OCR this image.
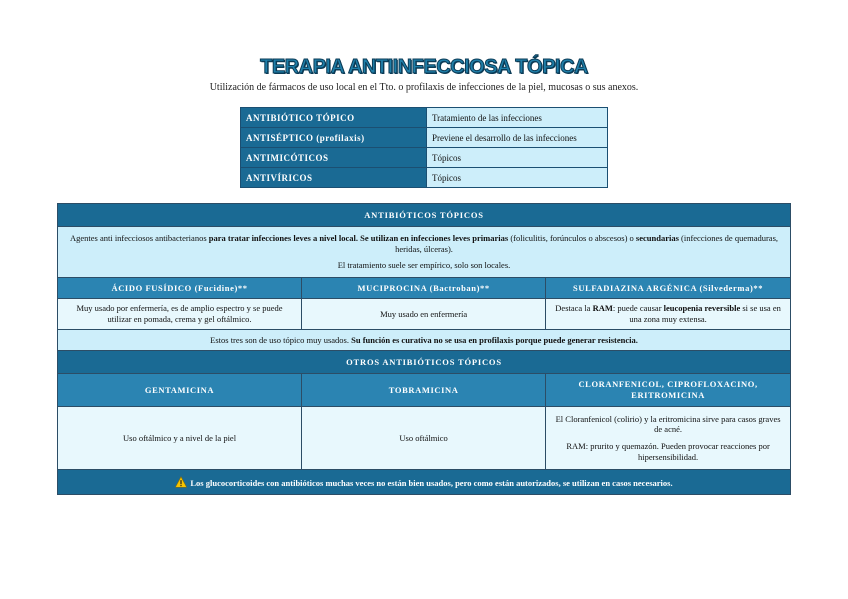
TERAPIA ANTIINFECCIOSA TÓPICA
Utilización de fármacos de uso local en el Tto. o profilaxis de infecciones de la piel, mucosas o sus anexos.
ANTIBIÓTICO TÓPICO	Tratamiento de las infecciones
ANTISÉPTICO (profilaxis)	Previene el desarrollo de las infecciones
ANTIMICÓTICOS	Tópicos
ANTIVÍRICOS	Tópicos
ANTIBIÓTICOS TÓPICOS		

Agentes anti infecciosos antibacterianos para tratar infecciones leves a nivel local. Se utilizan en infecciones leves primarias (foliculitis, forúnculos o abscesos) o secundarias (infecciones de quemaduras, heridas, úlceras).

El tratamiento suele ser empírico, solo son locales.		

ÁCIDO FUSÍDICO (Fucidine)**	MUCIPROCINA (Bactroban)**	SULFADIAZINA ARGÉNICA (Silvederma)**
Muy usado por enfermería, es de amplio espectro y se puede utilizar en pomada, crema y gel oftálmico.	Muy usado en enfermería	Destaca la RAM: puede causar leucopenia reversible si se usa en una zona muy extensa.
Estos tres son de uso tópico muy usados. Su función es curativa no se usa en profilaxis porque puede generar resistencia.		
OTROS ANTIBIÓTICOS TÓPICOS		
GENTAMICINA	TOBRAMICINA	CLORANFENICOL, CIPROFLOXACINO, ERITROMICINA
Uso oftálmico y a nivel de la piel	Uso oftálmico	El Cloranfenicol (colirio) y la eritromicina sirve para casos graves de acné.

RAM: prurito y quemazón. Pueden provocar reacciones por hipersensibilidad.

Los glucocorticoides con antibióticos muchas veces no están bien usados, pero como están autorizados, se utilizan en casos necesarios.		
